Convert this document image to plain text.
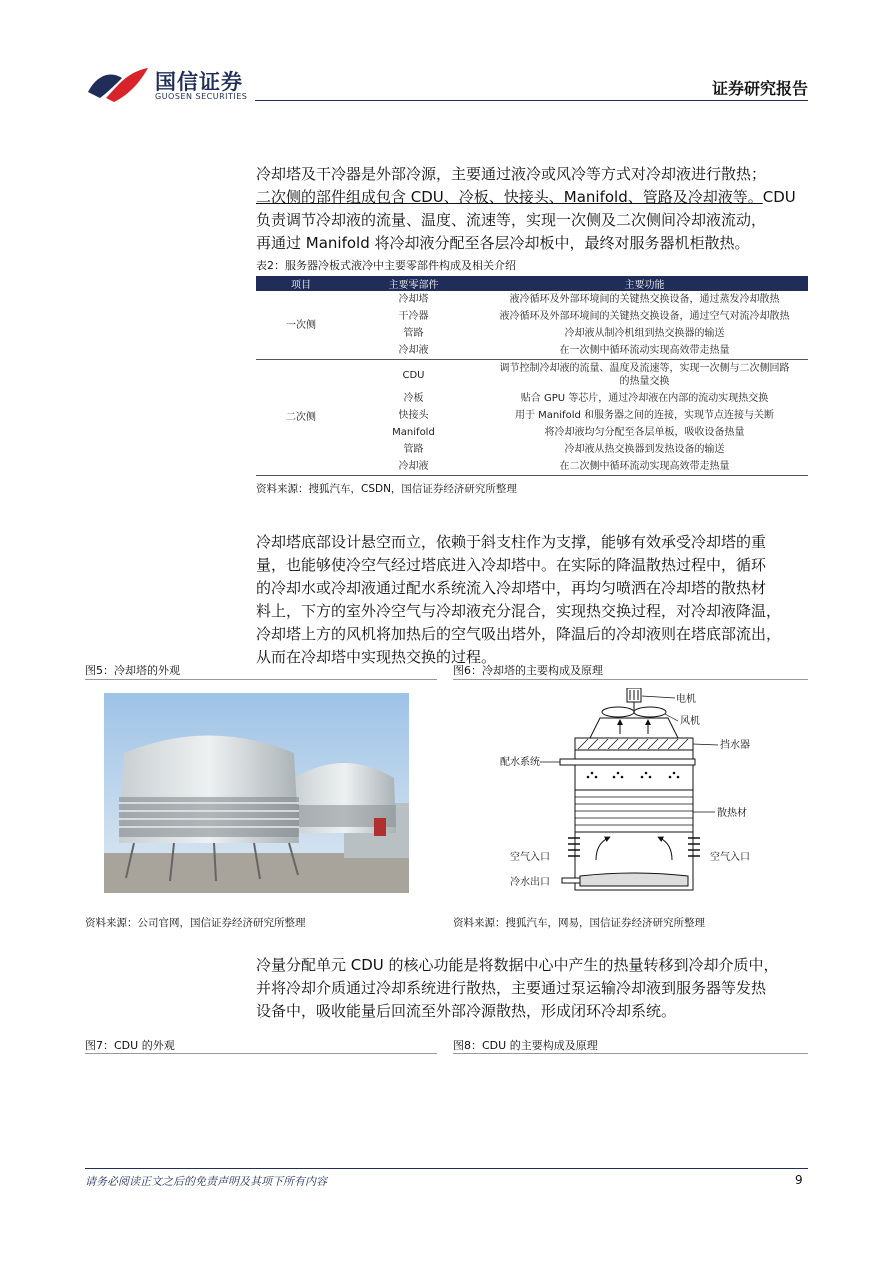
国信证券
GUOSEN SECURITIES	证券研究报告
冷却塔及干冷器是外部冷源，主要通过液冷或风冷等方式对冷却液进行散热；
二次侧的部件组成包含 CDU、冷板、快接头、Manifold、管路及冷却液等。CDU
负责调节冷却液的流量、温度、流速等，实现一次侧及二次侧间冷却液流动，
再通过 Manifold 将冷却液分配至各层冷却板中，最终对服务器机柜散热。
表2：服务器冷板式液冷中主要零部件构成及相关介绍
项目	主要零部件	主要功能
一次侧	冷却塔	液冷循环及外部环境间的关键热交换设备，通过蒸发冷却散热
	干冷器	液冷循环及外部环境间的关键热交换设备，通过空气对流冷却散热
	管路	冷却液从制冷机组到热交换器的输送
	冷却液	在一次侧中循环流动实现高效带走热量
二次侧	CDU	调节控制冷却液的流量、温度及流速等，实现一次侧与二次侧回路
的热量交换

	冷板	贴合 GPU 等芯片，通过冷却液在内部的流动实现热交换
	快接头	用于 Manifold 和服务器之间的连接，实现节点连接与关断
	Manifold	将冷却液均匀分配至各层单板，吸收设备热量
	管路	冷却液从热交换器到发热设备的输送
	冷却液	在二次侧中循环流动实现高效带走热量
资料来源：搜狐汽车，CSDN，国信证券经济研究所整理
冷却塔底部设计悬空而立，依赖于斜支柱作为支撑，能够有效承受冷却塔的重
量，也能够使冷空气经过塔底进入冷却塔中。在实际的降温散热过程中，循环
的冷却水或冷却液通过配水系统流入冷却塔中，再均匀喷洒在冷却塔的散热材
料上，下方的室外冷空气与冷却液充分混合，实现热交换过程，对冷却液降温，
冷却塔上方的风机将加热后的空气吸出塔外，降温后的冷却液则在塔底部流出，
从而在冷却塔中实现热交换的过程。
图5：冷却塔的外观
资料来源：公司官网，国信证券经济研究所整理
图6：冷却塔的主要构成及原理
电机
风机
挡水器
配水系统
散热材
空气入口	空气入口
冷水出口
资料来源：搜狐汽车，网易，国信证券经济研究所整理
冷量分配单元 CDU 的核心功能是将数据中心中产生的热量转移到冷却介质中，
并将冷却介质通过冷却系统进行散热，主要通过泵运输冷却液到服务器等发热
设备中，吸收能量后回流至外部冷源散热，形成闭环冷却系统。
图7：CDU 的外观	图8：CDU 的主要构成及原理
请务必阅读正文之后的免责声明及其项下所有内容	9
